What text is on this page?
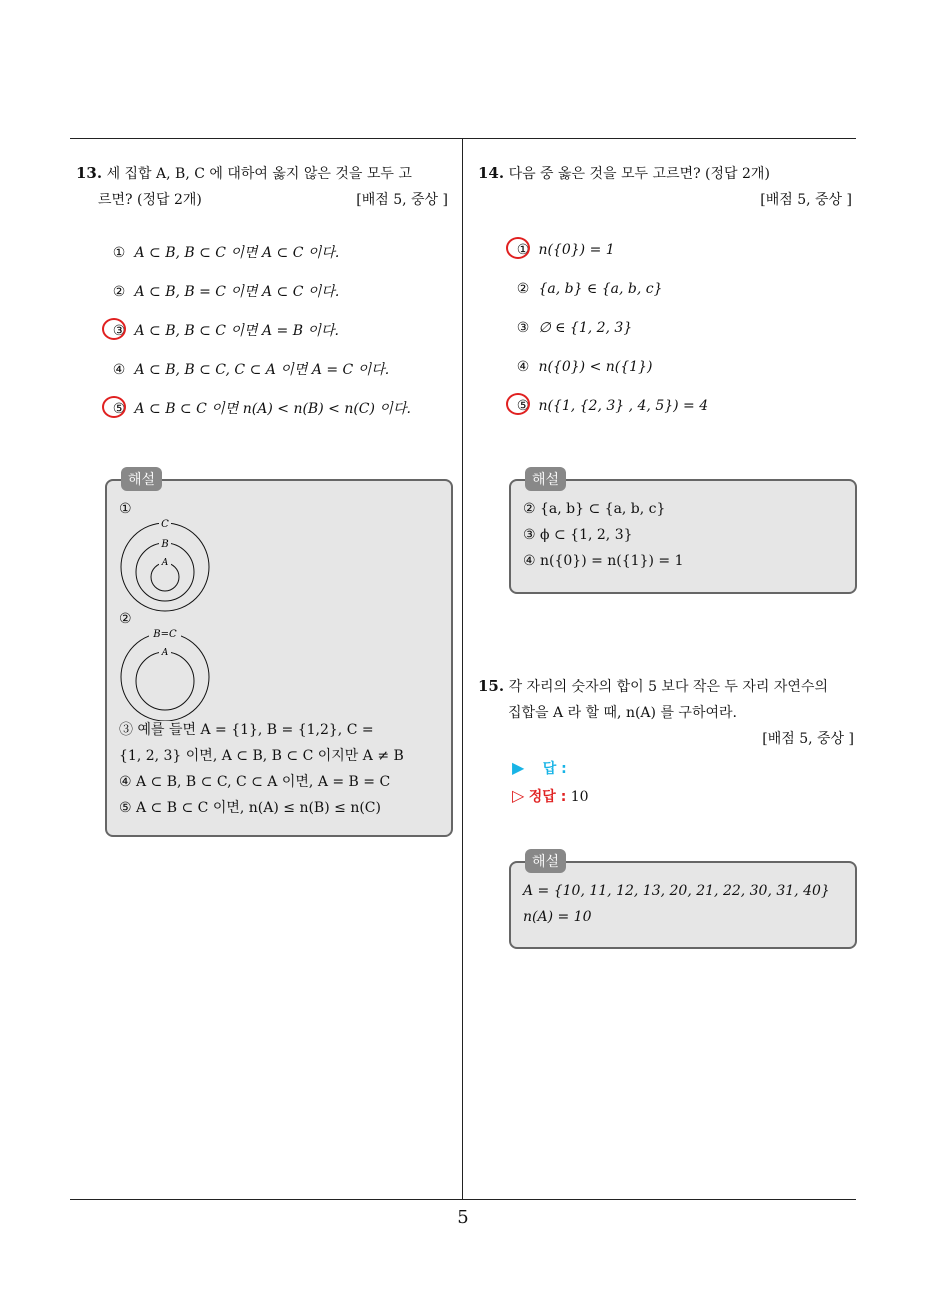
13. 세 집합 A, B, C 에 대하여 옳지 않은 것을 모두 고
르면? (정답 2개)	[배점 5, 중상 ]
① A ⊂ B, B ⊂ C 이면 A ⊂ C 이다.
② A ⊂ B, B = C 이면 A ⊂ C 이다.
③ A ⊂ B, B ⊂ C 이면 A = B 이다.
④ A ⊂ B, B ⊂ C, C ⊂ A 이면 A = C 이다.
⑤ A ⊂ B ⊂ C 이면 n(A) < n(B) < n(C) 이다.
해설
①
C
B
A
②
B=C
A
③ 예를 들면 A = {1}, B = {1,2}, C =
{1, 2, 3} 이면, A ⊂ B, B ⊂ C 이지만 A ≠ B
④ A ⊂ B, B ⊂ C, C ⊂ A 이면, A = B = C
⑤ A ⊂ B ⊂ C 이면, n(A) ≤ n(B) ≤ n(C)
14. 다음 중 옳은 것을 모두 고르면? (정답 2개)
[배점 5, 중상 ]
① n({0}) = 1
② {a, b} ∈ {a, b, c}
③ ∅ ∈ {1, 2, 3}
④ n({0}) < n({1})
⑤ n({1, {2, 3} , 4, 5}) = 4
해설
② {a, b} ⊂ {a, b, c}
③ ϕ ⊂ {1, 2, 3}
④ n({0}) = n({1}) = 1
15. 각 자리의 숫자의 합이 5 보다 작은 두 자리 자연수의
집합을 A 라 할 때, n(A) 를 구하여라.
[배점 5, 중상 ]
▶ 답 :
▷ 정답 : 10
해설
A = {10, 11, 12, 13, 20, 21, 22, 30, 31, 40}
n(A) = 10
5
